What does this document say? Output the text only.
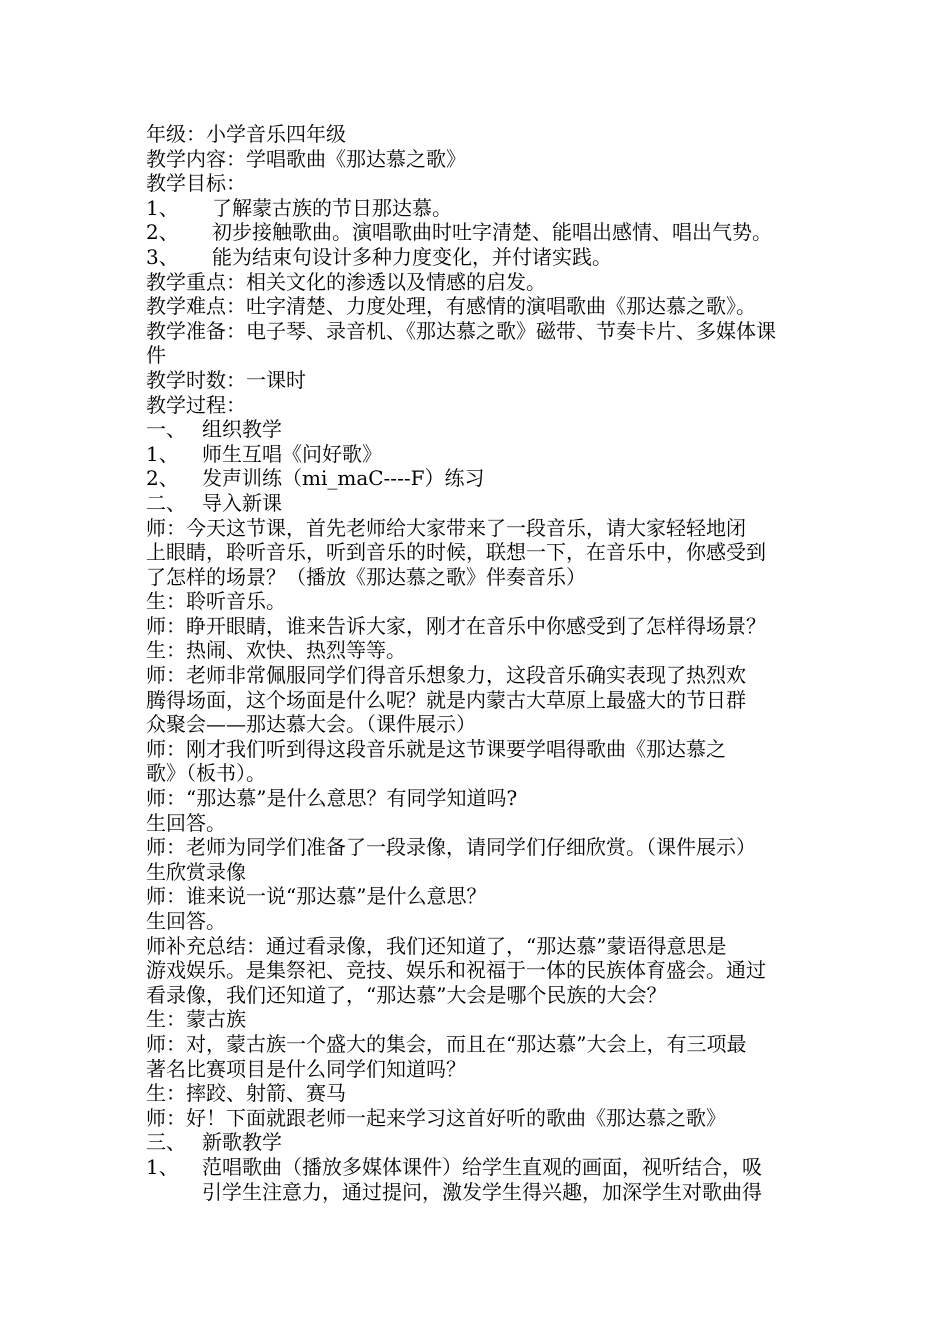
年级：小学音乐四年级
教学内容：学唱歌曲《那达慕之歌》
教学目标：
1、 了解蒙古族的节日那达慕。
2、 初步接触歌曲。演唱歌曲时吐字清楚、能唱出感情、唱出气势。
3、 能为结束句设计多种力度变化，并付诸实践。
教学重点：相关文化的渗透以及情感的启发。
教学难点：吐字清楚、力度处理，有感情的演唱歌曲《那达慕之歌》。
教学准备：电子琴、录音机、《那达慕之歌》磁带、节奏卡片、多媒体课
件
教学时数：一课时
教学过程：
一、 组织教学
1、 师生互唱《问好歌》
2、 发声训练（mi_maC----F）练习
二、 导入新课
师：今天这节课，首先老师给大家带来了一段音乐，请大家轻轻地闭
上眼睛，聆听音乐，听到音乐的时候，联想一下，在音乐中，你感受到
了怎样的场景？（播放《那达慕之歌》伴奏音乐）
生：聆听音乐。
师：睁开眼睛，谁来告诉大家，刚才在音乐中你感受到了怎样得场景？
生：热闹、欢快、热烈等等。
师：老师非常佩服同学们得音乐想象力，这段音乐确实表现了热烈欢
腾得场面，这个场面是什么呢？就是内蒙古大草原上最盛大的节日群
众聚会——那达慕大会。（课件展示）
师：刚才我们听到得这段音乐就是这节课要学唱得歌曲《那达慕之
歌》（板书）。
师：“那达慕”是什么意思？有同学知道吗?
生回答。
师：老师为同学们准备了一段录像，请同学们仔细欣赏。（课件展示）
生欣赏录像
师：谁来说一说“那达慕”是什么意思？
生回答。
师补充总结：通过看录像，我们还知道了，“那达慕”蒙语得意思是
游戏娱乐。是集祭祀、竞技、娱乐和祝福于一体的民族体育盛会。通过
看录像，我们还知道了，“那达慕”大会是哪个民族的大会？
生：蒙古族
师：对，蒙古族一个盛大的集会，而且在“那达慕”大会上，有三项最
著名比赛项目是什么同学们知道吗？
生：摔跤、射箭、赛马
师：好！下面就跟老师一起来学习这首好听的歌曲《那达慕之歌》
三、 新歌教学
1、 范唱歌曲（播放多媒体课件）给学生直观的画面，视听结合，吸
引学生注意力，通过提问，激发学生得兴趣，加深学生对歌曲得
